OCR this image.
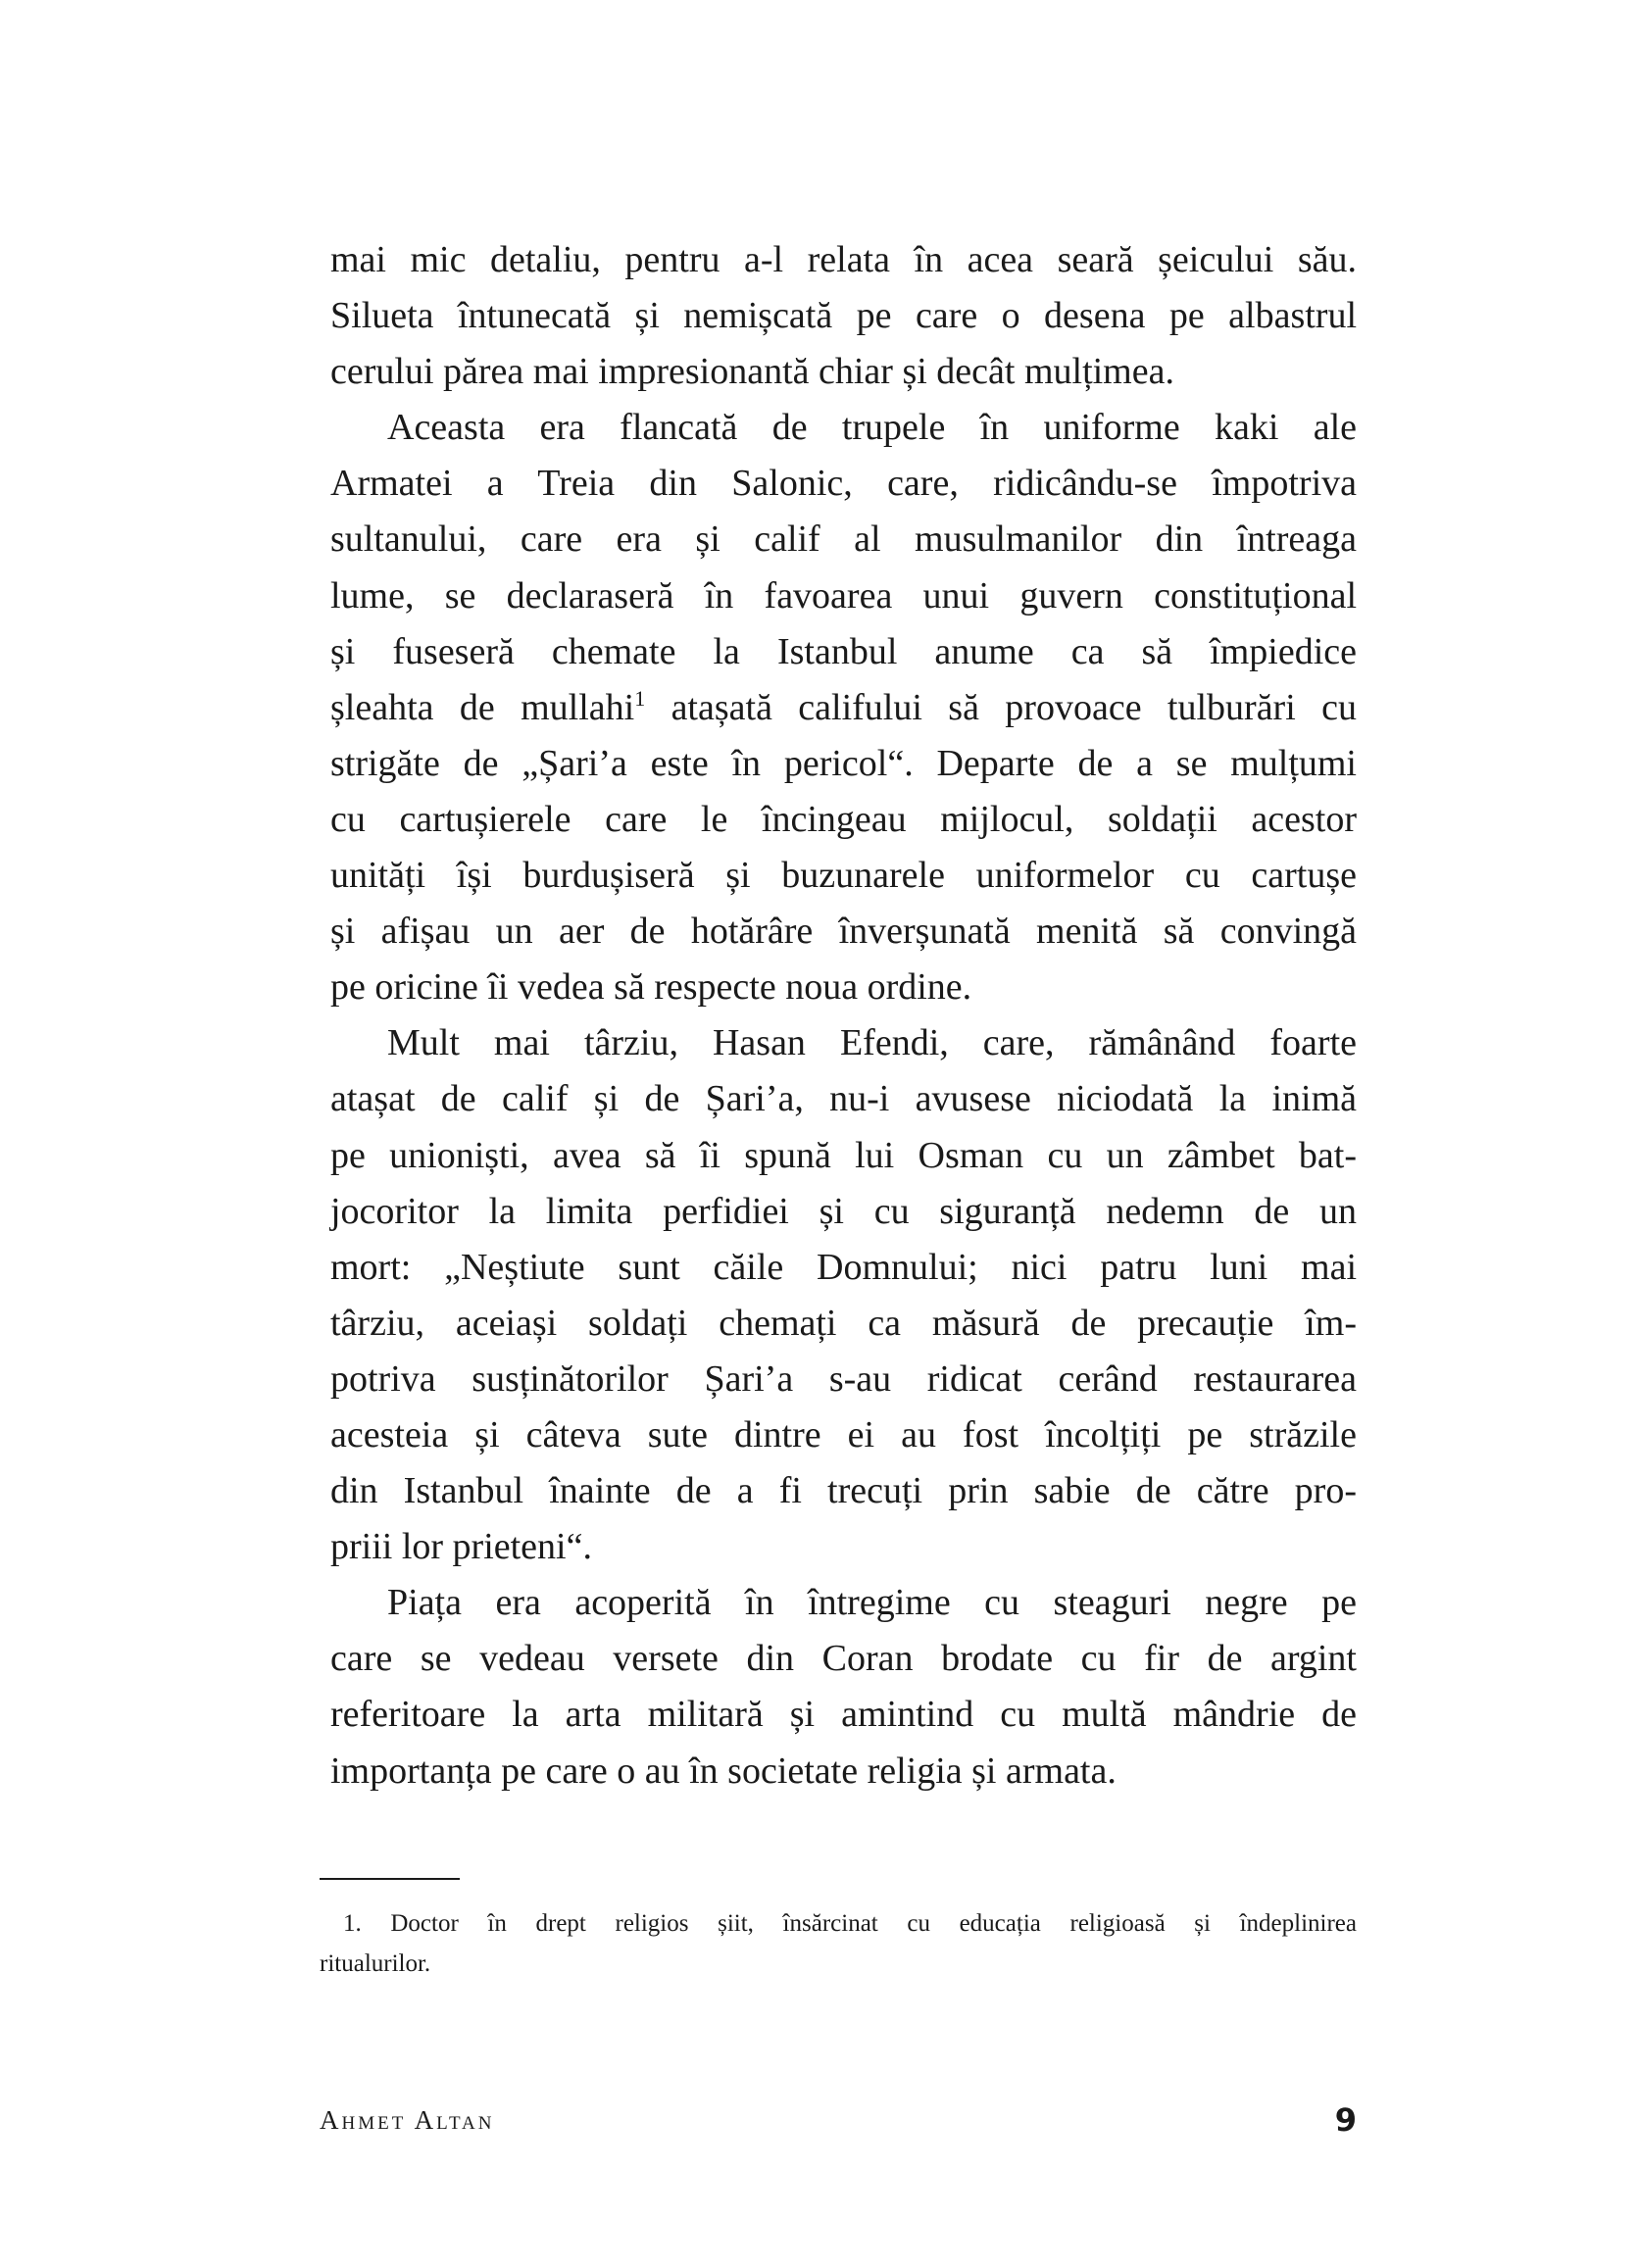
mai mic detaliu, pentru a-l relata în acea seară șeicului său.
Silueta întunecată și nemișcată pe care o desena pe albastrul
cerului părea mai impresionantă chiar și decât mulțimea.
Aceasta era flancată de trupele în uniforme kaki ale
Armatei a Treia din Salonic, care, ridicându-se împotriva
sultanului, care era și calif al musulmanilor din întreaga
lume, se declaraseră în favoarea unui guvern constituțional
și fuseseră chemate la Istanbul anume ca să împiedice
șleahta de mullahi$^1$ atașată califului să provoace tulburări cu
strigăte de „Șari’a este în pericol“. Departe de a se mulțumi
cu cartușierele care le încingeau mijlocul, soldații acestor
unități își burdușiseră și buzunarele uniformelor cu cartușe
și afișau un aer de hotărâre înverșunată menită să convingă
pe oricine îi vedea să respecte noua ordine.
Mult mai târziu, Hasan Efendi, care, rămânând foarte
atașat de calif și de Șari’a, nu-i avusese niciodată la inimă
pe unioniști, avea să îi spună lui Osman cu un zâmbet bat-
jocoritor la limita perfidiei și cu siguranță nedemn de un
mort: „Neștiute sunt căile Domnului; nici patru luni mai
târziu, aceiași soldați chemați ca măsură de precauție îm-
potriva susținătorilor Șari’a s-au ridicat cerând restaurarea
acesteia și câteva sute dintre ei au fost încolțiți pe străzile
din Istanbul înainte de a fi trecuți prin sabie de către pro-
priii lor prieteni“.
Piața era acoperită în întregime cu steaguri negre pe
care se vedeau versete din Coran brodate cu fir de argint
referitoare la arta militară și amintind cu multă mândrie de
importanța pe care o au în societate religia și armata.
1. Doctor în drept religios șiit, însărcinat cu educația religioasă și îndeplinirea
ritualurilor.
Ahmet Altan	9
